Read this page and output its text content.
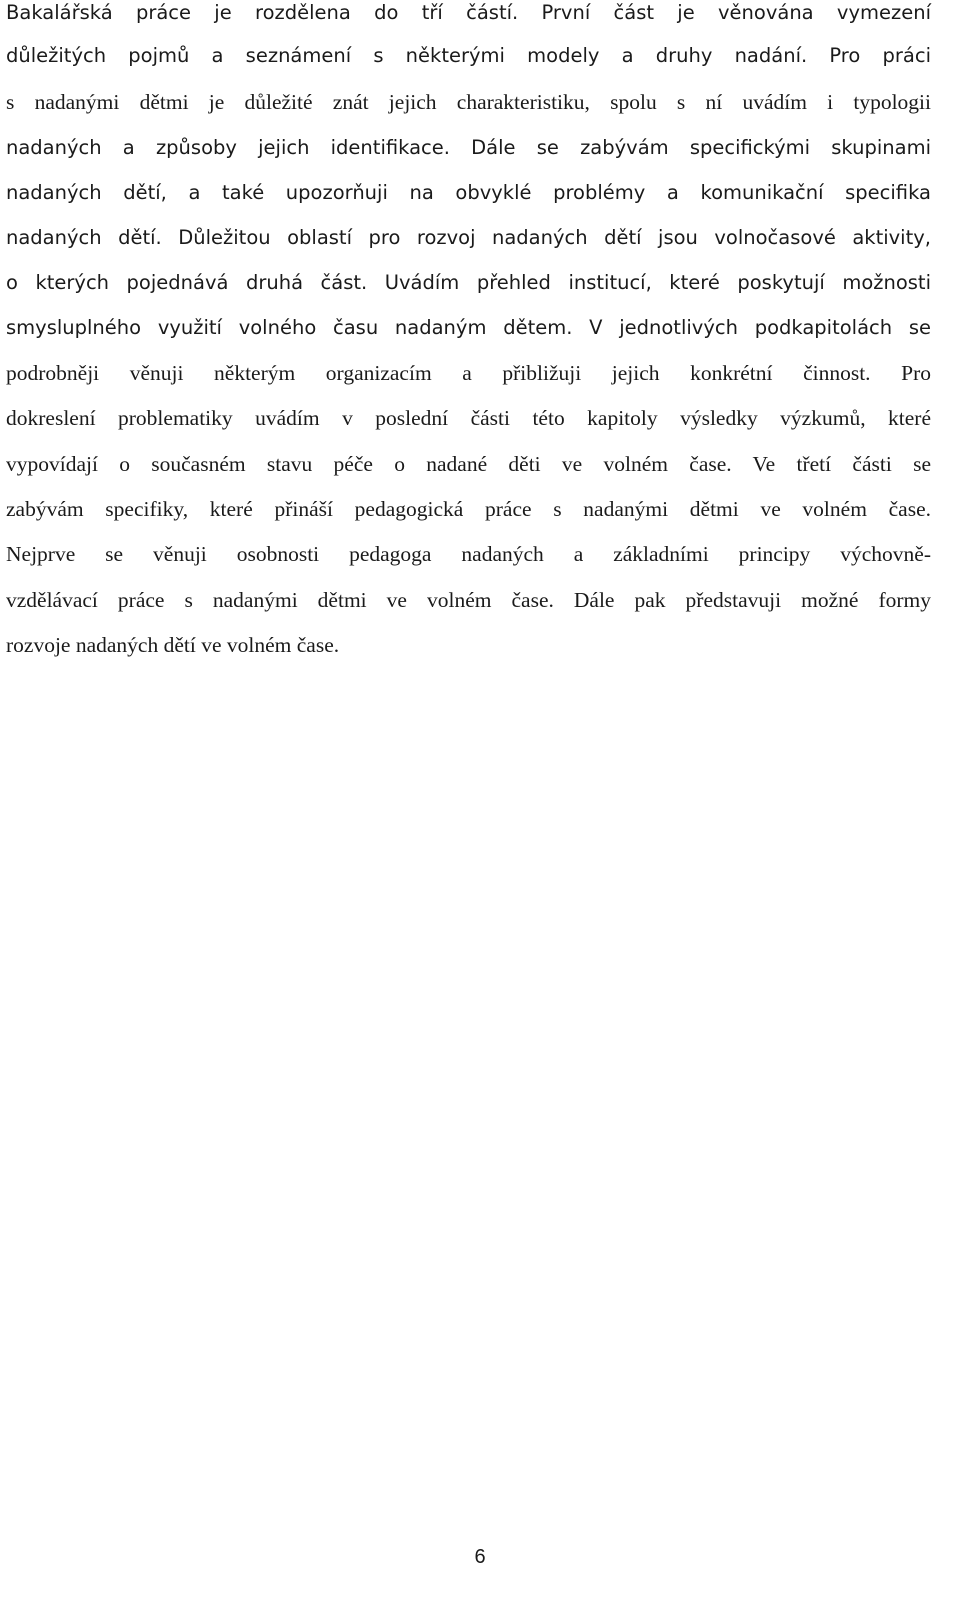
Bakalářská práce je rozdělena do tří částí. První část je věnována vymezení
důležitých pojmů a seznámení s některými modely a druhy nadání. Pro práci
s nadanými dětmi je důležité znát jejich charakteristiku, spolu s ní uvádím i typologii
nadaných a způsoby jejich identifikace. Dále se zabývám specifickými skupinami
nadaných dětí, a také upozorňuji na obvyklé problémy a komunikační specifika
nadaných dětí. Důležitou oblastí pro rozvoj nadaných dětí jsou volnočasové aktivity,
o kterých pojednává druhá část. Uvádím přehled institucí, které poskytují možnosti
smysluplného využití volného času nadaným dětem. V jednotlivých podkapitolách se
podrobněji věnuji některým organizacím a přibližuji jejich konkrétní činnost. Pro
dokreslení problematiky uvádím v poslední části této kapitoly výsledky výzkumů, které
vypovídají o současném stavu péče o nadané děti ve volném čase. Ve třetí části se
zabývám specifiky, které přináší pedagogická práce s nadanými dětmi ve volném čase.
Nejprve se věnuji osobnosti pedagoga nadaných a základními principy výchovně-
vzdělávací práce s nadanými dětmi ve volném čase. Dále pak představuji možné formy
rozvoje nadaných dětí ve volném čase.
6
